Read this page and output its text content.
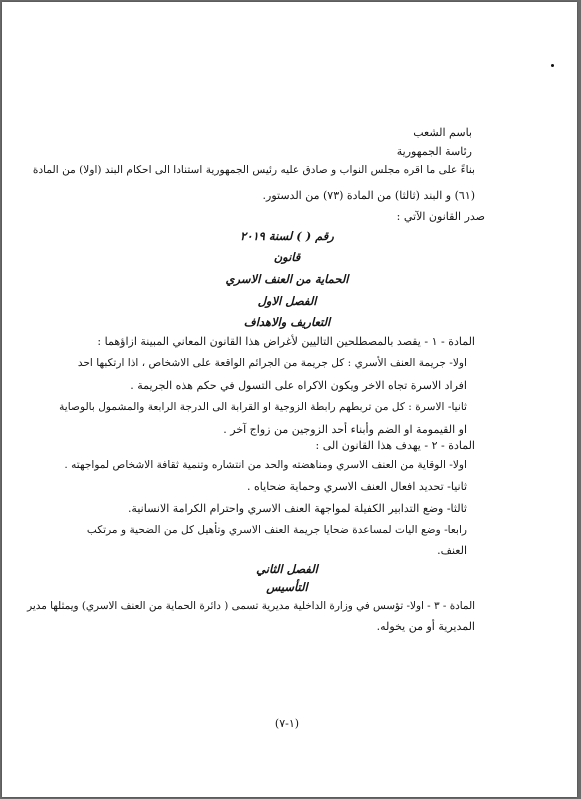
باسم الشعب
رئاسة الجمهورية
بناءً على ما اقره مجلس النواب و صادق عليه رئيس الجمهورية استنادا الى احكام البند (اولا) من المادة
(٦١) و البند (ثالثا) من المادة (٧٣) من الدستور.
صدر القانون الآتي :
رقم ( ) لسنة ٢٠١٩
قانون
الحماية من العنف الاسري
الفصل الاول
التعاريف والاهداف
المادة - ١ - يقصد بالمصطلحين التاليين لأغراض هذا القانون المعاني المبينة ازاؤهما :
اولا- جريمة العنف الأسري : كل جريمة من الجرائم الواقعة على الاشخاص ، اذا ارتكبها احد
افراد الاسرة تجاه الاخر ويكون الاكراه على التسول في حكم هذه الجريمة .
ثانيا- الاسرة : كل من تربطهم رابطة الزوجية او القرابة الى الدرجة الرابعة والمشمول بالوصاية
او القيمومة او الضم وأبناء أحد الزوجين من زواج آخر .
المادة - ٢ - يهدف هذا القانون الى :
اولا- الوقاية من العنف الاسري ومناهضته والحد من انتشاره وتنمية ثقافة الاشخاص لمواجهته .
ثانيا- تحديد افعال العنف الاسري وحماية ضحاياه .
ثالثا- وضع التدابير الكفيلة لمواجهة العنف الاسري واحترام الكرامة الانسانية.
رابعا- وضع اليات لمساعدة ضحايا جريمة العنف الاسري وتأهيل كل من الضحية و مرتكب
العنف.
الفصل الثاني
التأسيس
المادة - ٣ - اولا- تؤسس في وزارة الداخلية مديرية تسمى ( دائرة الحماية من العنف الاسري) ويمثلها مدير
المديرية أو من يخوله.
(١-٧)
